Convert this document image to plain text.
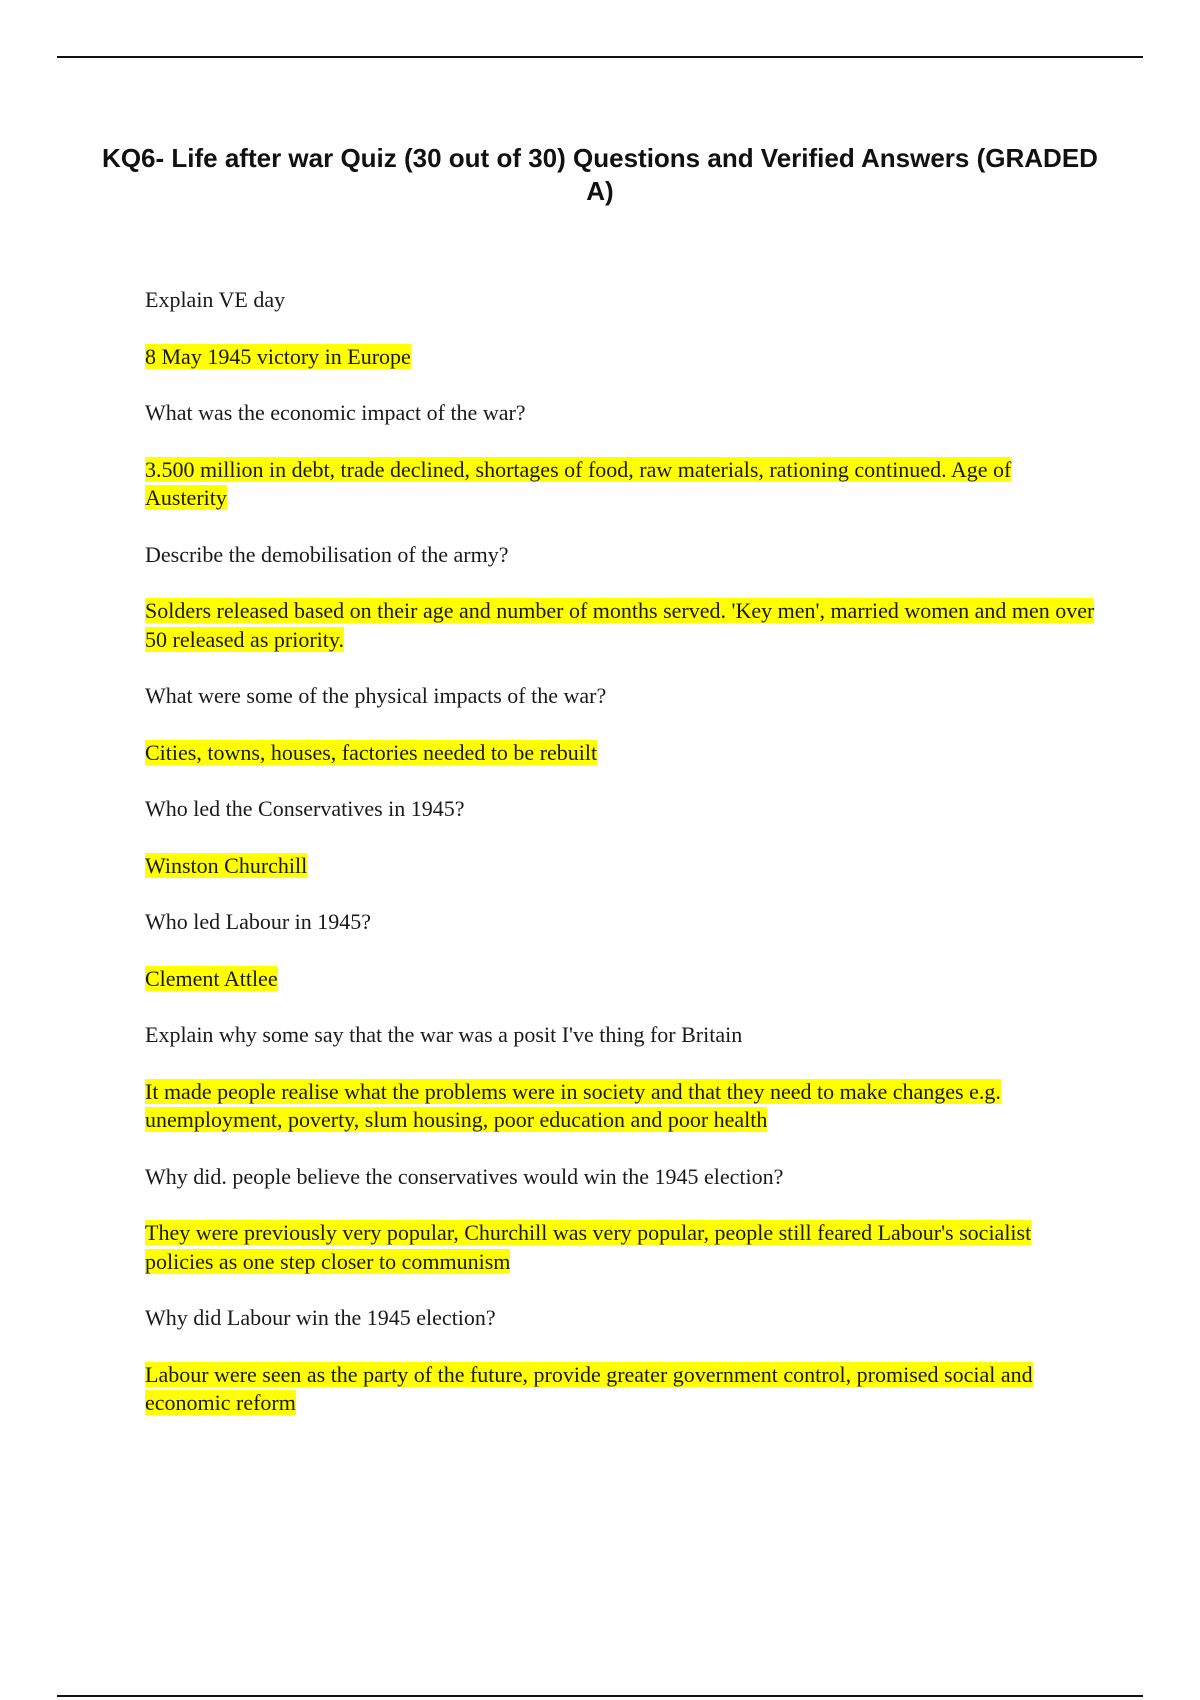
KQ6- Life after war Quiz (30 out of 30) Questions and Verified Answers (GRADED A)
Explain VE day
8 May 1945 victory in Europe
What was the economic impact of the war?
3.500 million in debt, trade declined, shortages of food, raw materials, rationing continued. Age of Austerity
Describe the demobilisation of the army?
Solders released based on their age and number of months served. 'Key men', married women and men over 50 released as priority.
What were some of the physical impacts of the war?
Cities, towns, houses, factories needed to be rebuilt
Who led the Conservatives in 1945?
Winston Churchill
Who led Labour in 1945?
Clement Attlee
Explain why some say that the war was a posit I've thing for Britain
It made people realise what the problems were in society and that they need to make changes e.g. unemployment, poverty, slum housing, poor education and poor health
Why did. people believe the conservatives would win the 1945 election?
They were previously very popular, Churchill was very popular, people still feared Labour's socialist policies as one step closer to communism
Why did Labour win the 1945 election?
Labour were seen as the party of the future, provide greater government control, promised social and economic reform
